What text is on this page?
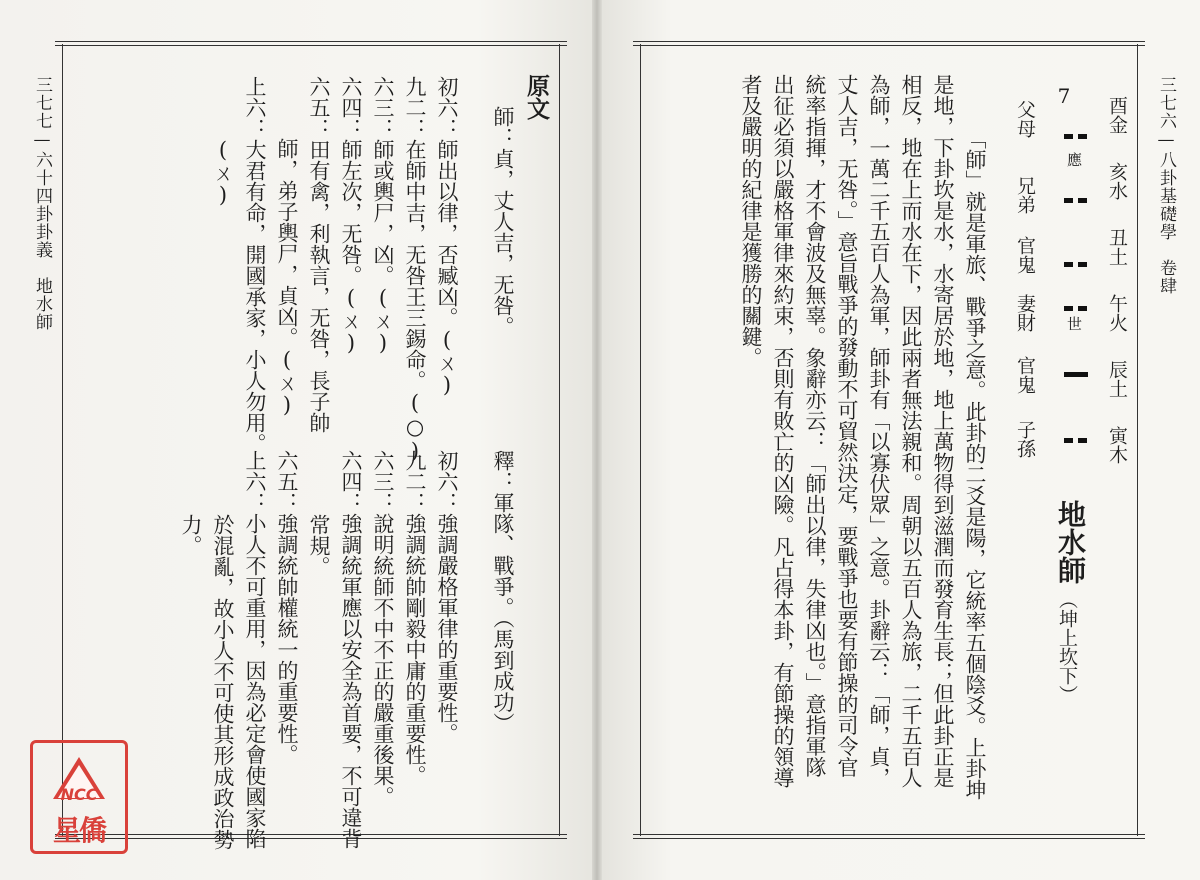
三七七—六十四卦卦義　地水師	原文
師：貞，丈人吉，无咎。
初六：師出以律，否臧凶。(ㄨ)
九二：在師中吉，无咎王三錫命。(○)
六三：師或輿尸，凶。(ㄨ)
六四：師左次，无咎。(ㄨ)
六五：田有禽，利執言，无咎，長子帥
師，弟子輿尸，貞凶。(ㄨ)
上六：大君有命，開國承家，小人勿用。
(ㄨ)
釋：軍隊、戰爭。（馬到成功）
初六：強調嚴格軍律的重要性。
九二：強調統帥剛毅中庸的重要性。
六三：說明統師不中不正的嚴重後果。
六四：強調統軍應以安全為首要，不可違背
常規。
六五：強調統帥權統一的重要性。
上六：小人不可重用，因為必定會使國家陷
於混亂，故小人不可使其形成政治勢
力。
NCC
星僑
三七六—八卦基礎學　卷肆
7 酉金
亥水
丑土
午火
辰土
寅木
應
世
父母
兄弟
官鬼
妻財
官鬼
子孫
地水師
（坤上坎下）
「師」就是軍旅、戰爭之意。此卦的二爻是陽，它統率五個陰爻。上卦坤
是地，下卦坎是水，水寄居於地，地上萬物得到滋潤而發育生長；但此卦正是
相反，地在上而水在下，因此兩者無法親和。周朝以五百人為旅，二千五百人
為師，一萬二千五百人為軍，師卦有「以寡伏眾」之意。卦辭云：「師，貞，
丈人吉，无咎。」意旨戰爭的發動不可貿然決定，要戰爭也要有節操的司令官
統率指揮，才不會波及無辜。象辭亦云：「師出以律，失律凶也。」意指軍隊
出征必須以嚴格軍律來約束，否則有敗亡的凶險。凡占得本卦，有節操的領導
者及嚴明的紀律是獲勝的關鍵。
